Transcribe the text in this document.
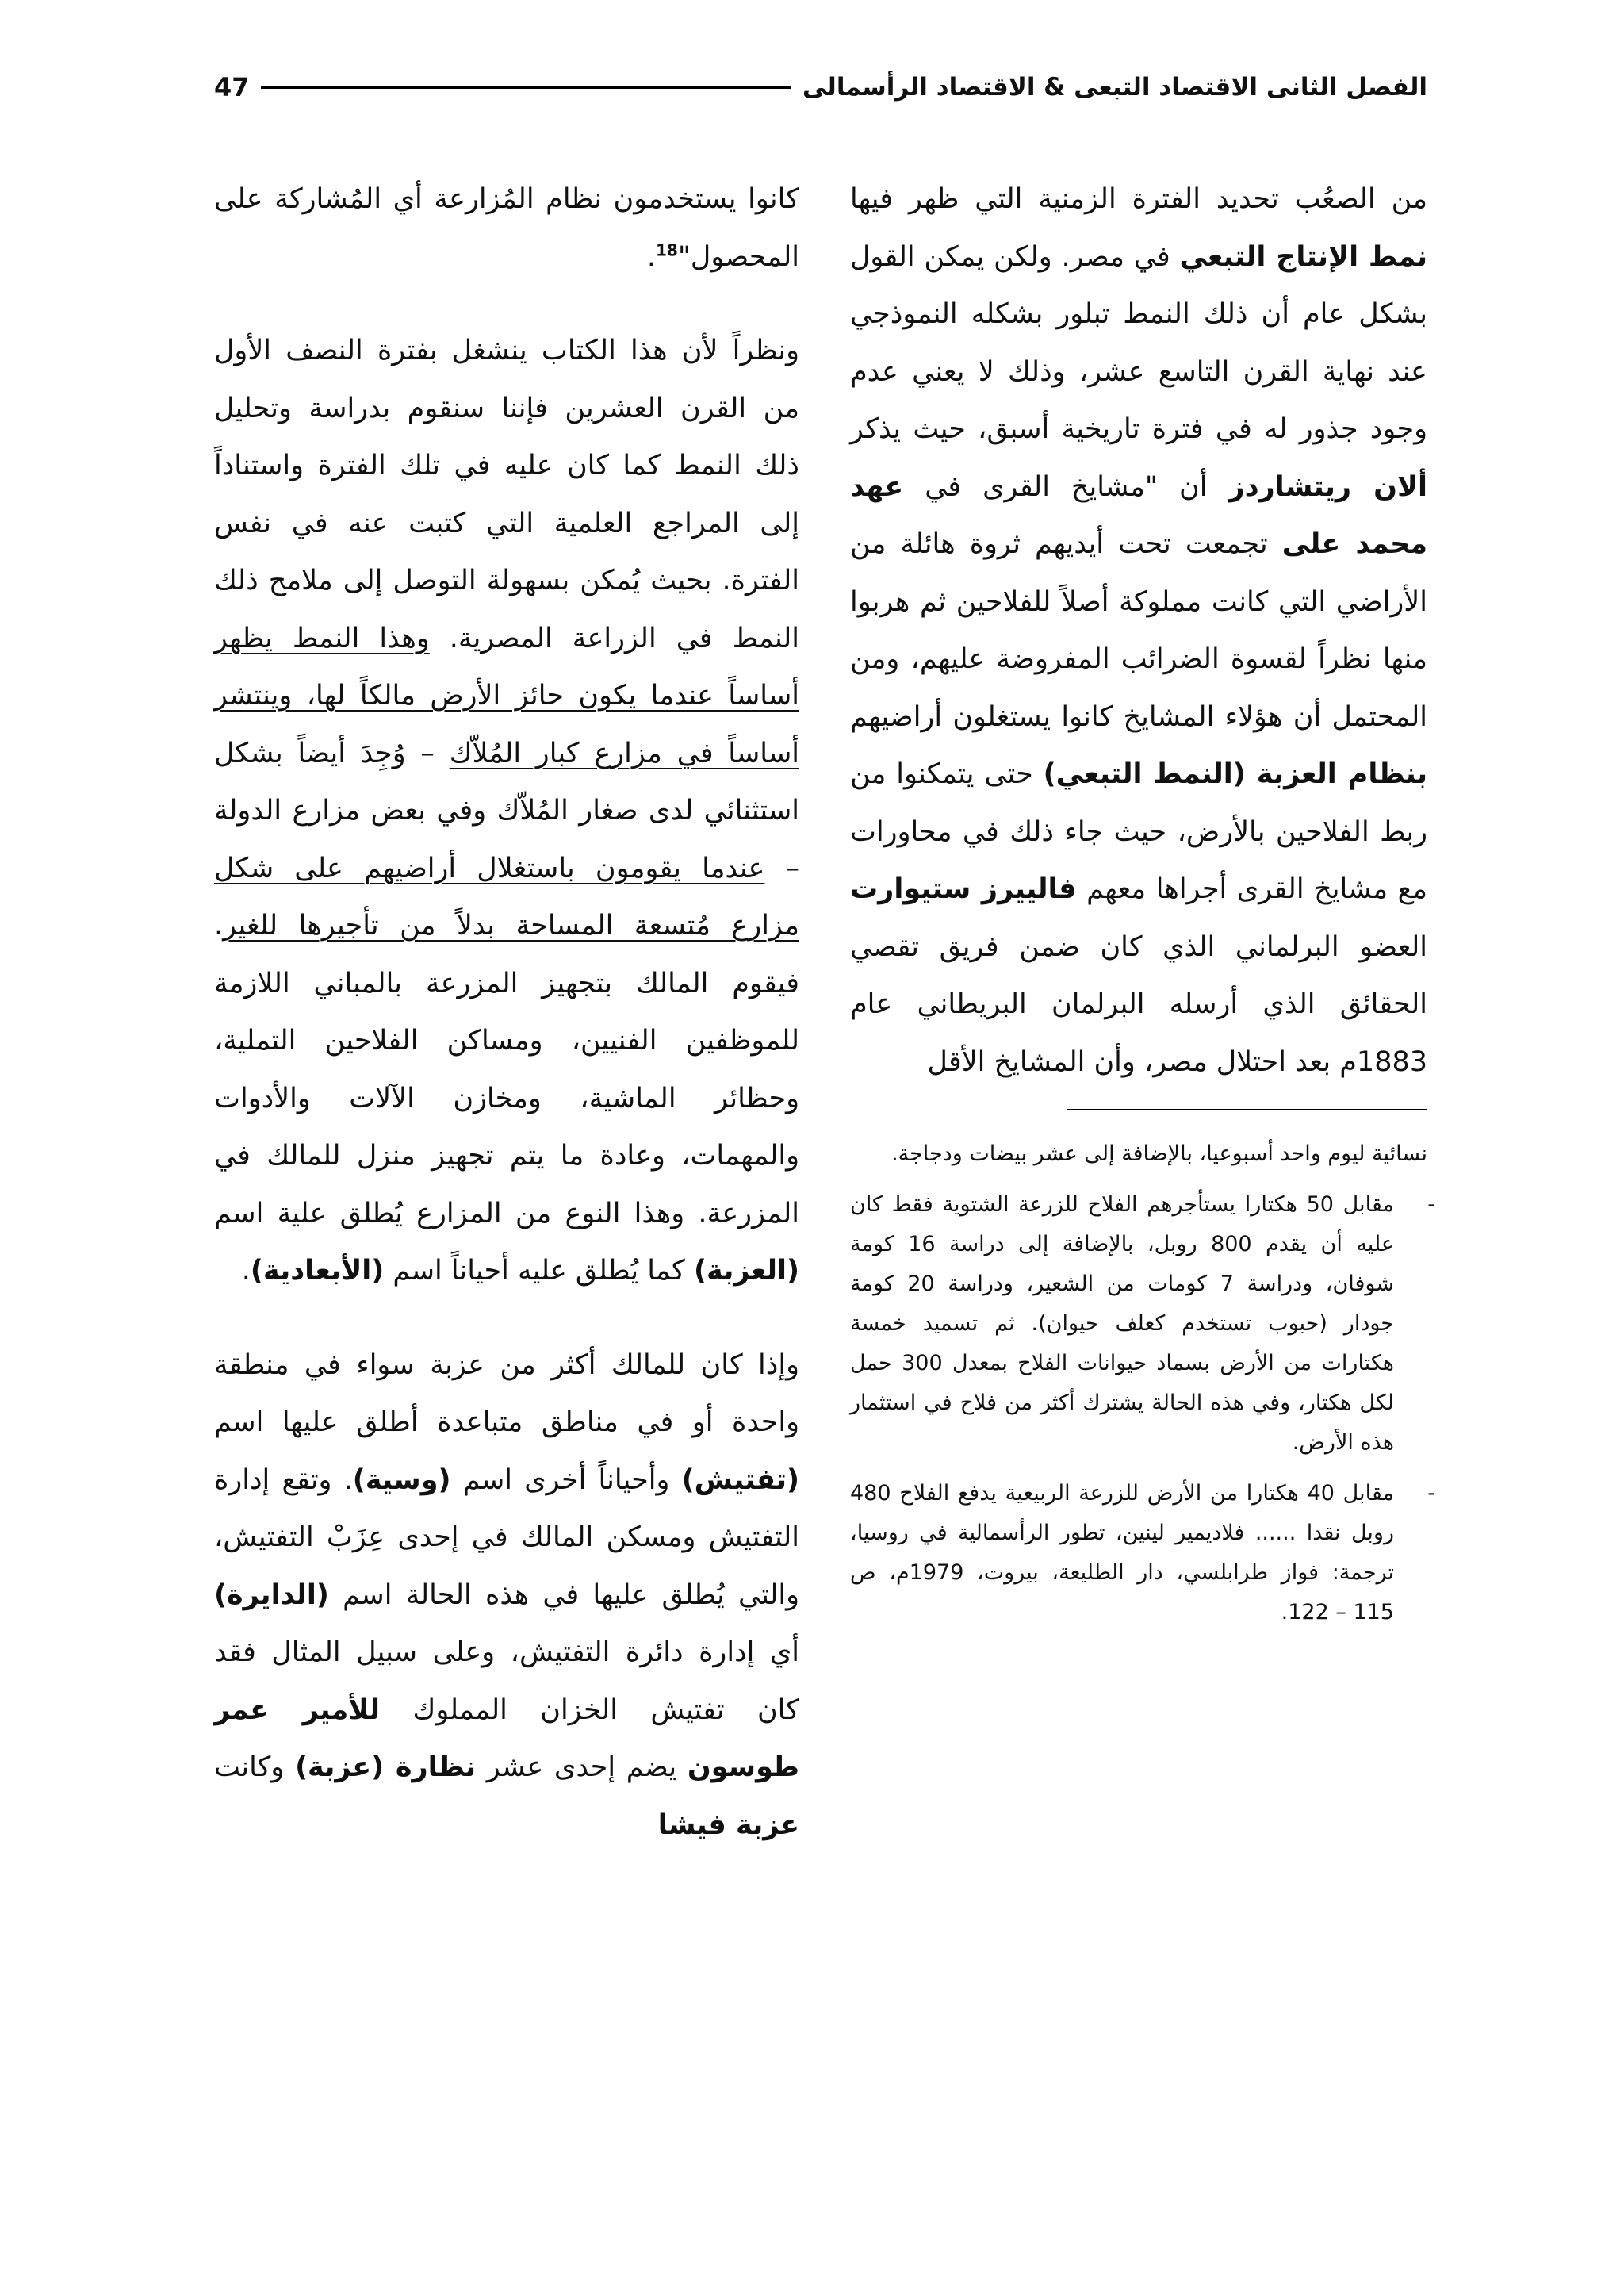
الفصل الثانى الاقتصاد التبعى & الاقتصاد الرأسمالى
47

من الصعُب تحديد الفترة الزمنية التي ظهر فيها نمط الإنتاج التبعي في مصر. ولكن يمكن القول بشكل عام أن ذلك النمط تبلور بشكله النموذجي عند نهاية القرن التاسع عشر، وذلك لا يعني عدم وجود جذور له في فترة تاريخية أسبق، حيث يذكر ألان ريتشاردز أن "مشايخ القرى في عهد محمد على تجمعت تحت أيديهم ثروة هائلة من الأراضي التي كانت مملوكة أصلاً للفلاحين ثم هربوا منها نظراً لقسوة الضرائب المفروضة عليهم، ومن المحتمل أن هؤلاء المشايخ كانوا يستغلون أراضيهم بنظام العزبة (النمط التبعي) حتى يتمكنوا من ربط الفلاحين بالأرض، حيث جاء ذلك في محاورات مع مشايخ القرى أجراها معهم فالييرز ستيوارت العضو البرلماني الذي كان ضمن فريق تقصي الحقائق الذي أرسله البرلمان البريطاني عام 1883م بعد احتلال مصر، وأن المشايخ الأقل

نسائية ليوم واحد أسبوعيا، بالإضافة إلى عشر بيضات ودجاجة.

-
مقابل 50 هكتارا يستأجرهم الفلاح للزرعة الشتوية فقط كان عليه أن يقدم 800 روبل، بالإضافة إلى دراسة 16 كومة شوفان، ودراسة 7 كومات من الشعير، ودراسة 20 كومة جودار (حبوب تستخدم كعلف حيوان). ثم تسميد خمسة هكتارات من الأرض بسماد حيوانات الفلاح بمعدل 300 حمل لكل هكتار، وفي هذه الحالة يشترك أكثر من فلاح في استثمار هذه الأرض.

-
مقابل 40 هكتارا من الأرض للزرعة الربيعية يدفع الفلاح 480 روبل نقدا ...... فلاديمير لينين، تطور الرأسمالية في روسيا، ترجمة: فواز طرابلسي، دار الطليعة، بيروت، 1979م، ص 115 – 122.

كانوا يستخدمون نظام المُزارعة أي المُشاركة على المحصول"$^{18}$.

ونظراً لأن هذا الكتاب ينشغل بفترة النصف الأول من القرن العشرين فإننا سنقوم بدراسة وتحليل ذلك النمط كما كان عليه في تلك الفترة واستناداً إلى المراجع العلمية التي كتبت عنه في نفس الفترة. بحيث يُمكن بسهولة التوصل إلى ملامح ذلك النمط في الزراعة المصرية. وهذا النمط يظهر أساساً عندما يكون حائز الأرض مالكاً لها، وينتشر أساساً في مزارع كبار المُلاّك – وُجِدَ أيضاً بشكل استثنائي لدى صغار المُلاّك وفي بعض مزارع الدولة – عندما يقومون باستغلال أراضيهم على شكل مزارع مُتسعة المساحة بدلاً من تأجيرها للغير. فيقوم المالك بتجهيز المزرعة بالمباني اللازمة للموظفين الفنيين، ومساكن الفلاحين التملية، وحظائر الماشية، ومخازن الآلات والأدوات والمهمات، وعادة ما يتم تجهيز منزل للمالك في المزرعة. وهذا النوع من المزارع يُطلق علية اسم (العزبة) كما يُطلق عليه أحياناً اسم (الأبعادية).

وإذا كان للمالك أكثر من عزبة سواء في منطقة واحدة أو في مناطق متباعدة أطلق عليها اسم (تفتيش) وأحياناً أخرى اسم (وسية). وتقع إدارة التفتيش ومسكن المالك في إحدى عِزَبْ التفتيش، والتي يُطلق عليها في هذه الحالة اسم (الدايرة) أي إدارة دائرة التفتيش، وعلى سبيل المثال فقد كان تفتيش الخزان المملوك للأمير عمر طوسون يضم إحدى عشر نظارة (عزبة) وكانت عزبة فيشا
